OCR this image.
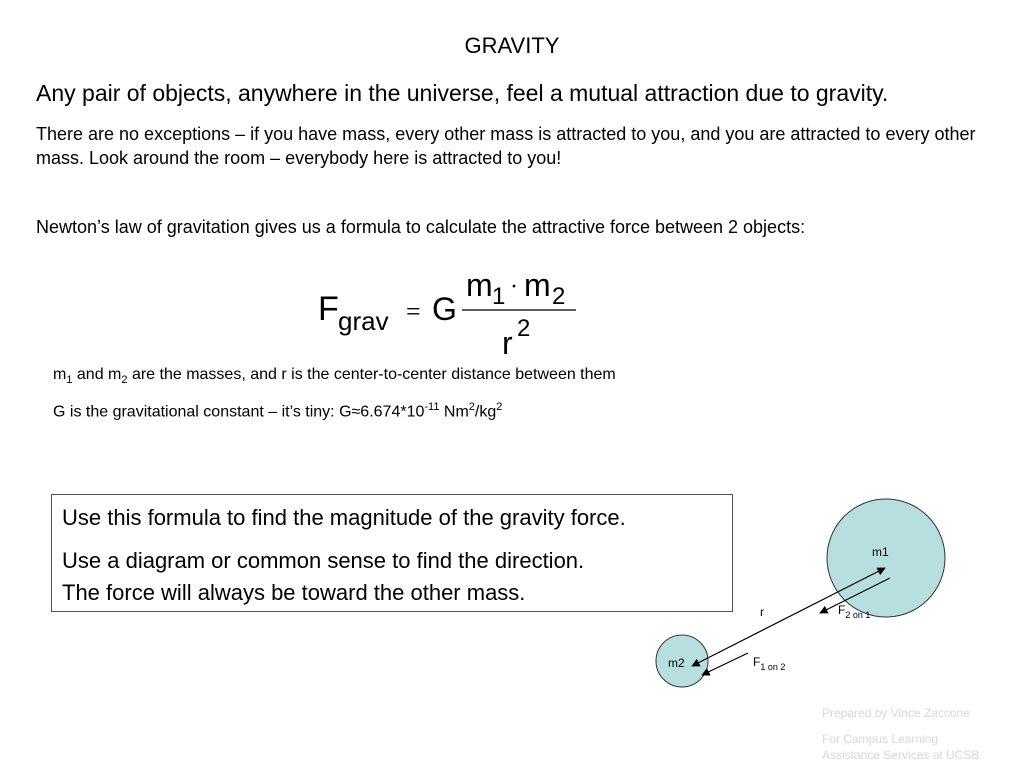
GRAVITY
Any pair of objects, anywhere in the universe, feel a mutual attraction due to gravity.
There are no exceptions – if you have mass, every other mass is attracted to you, and you are attracted to every other mass. Look around the room – everybody here is attracted to you!
Newton’s law of gravitation gives us a formula to calculate the attractive force between 2 objects:
F grav = G
m 1 · m 2
r 2
$m_1$ and $m_2$ are the masses, and r is the center-to-center distance between them
G is the gravitational constant – it’s tiny: $G\approx 6.674*10^{-11}$ $Nm^2/kg^2$
Use this formula to find the magnitude of the gravity force.
Use a diagram or common sense to find the direction.
The force will always be toward the other mass.
m1
m2
r	$F_{2 on 1}$
$F_{1 on 2}$
Prepared by Vince Zaccone
For Campus Learning
Assistance Services at UCSB
